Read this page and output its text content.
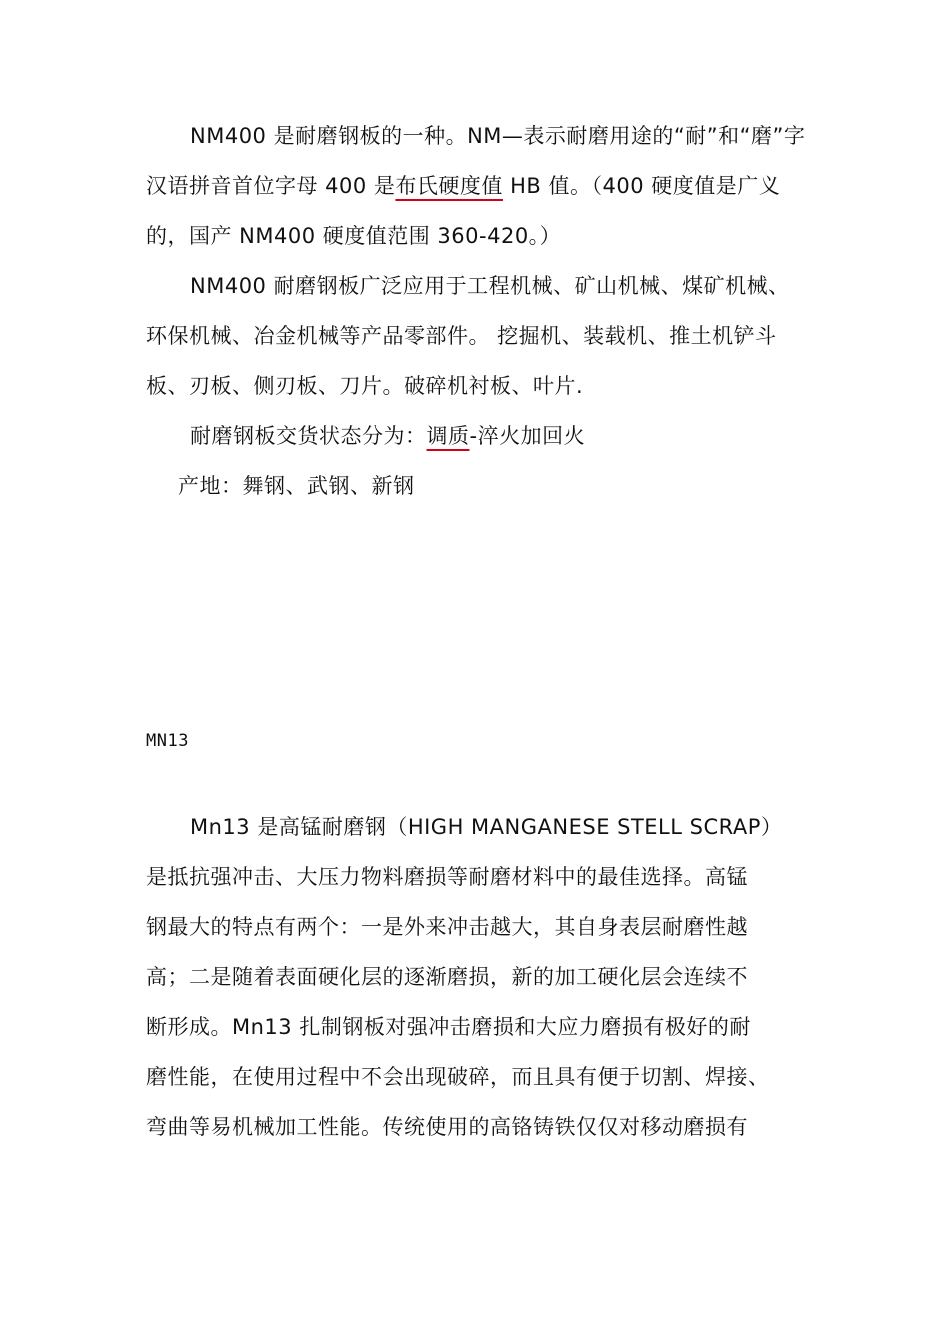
NM400 是耐磨钢板的一种。NM—表示耐磨用途的“耐”和“磨”字
汉语拼音首位字母 400 是布氏硬度值 HB 值。（400 硬度值是广义
的，国产 NM400 硬度值范围 360-420。）
NM400 耐磨钢板广泛应用于工程机械、矿山机械、煤矿机械、
环保机械、冶金机械等产品零部件。 挖掘机、装载机、推土机铲斗
板、刃板、侧刃板、刀片。破碎机衬板、叶片.
耐磨钢板交货状态分为：调质-淬火加回火
产地：舞钢、武钢、新钢
MN13
Mn13 是高锰耐磨钢（HIGH MANGANESE STELL SCRAP）
是抵抗强冲击、大压力物料磨损等耐磨材料中的最佳选择。高锰
钢最大的特点有两个：一是外来冲击越大，其自身表层耐磨性越
高；二是随着表面硬化层的逐渐磨损，新的加工硬化层会连续不
断形成。Mn13 扎制钢板对强冲击磨损和大应力磨损有极好的耐
磨性能，在使用过程中不会出现破碎，而且具有便于切割、焊接、
弯曲等易机械加工性能。传统使用的高铬铸铁仅仅对移动磨损有
